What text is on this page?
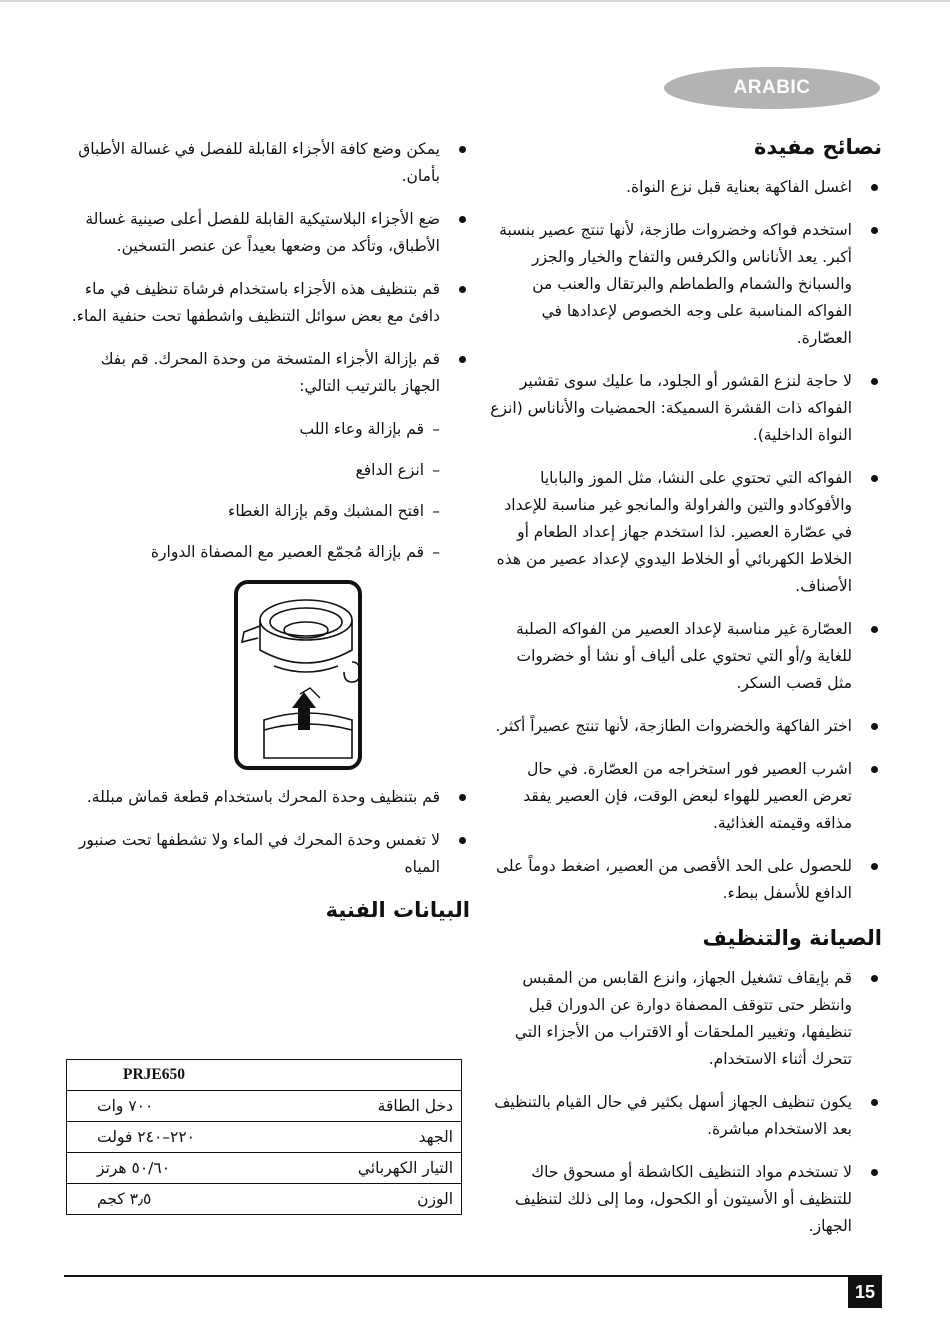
ARABIC
نصائح مفيدة
اغسل الفاكهة بعناية قبل نزع النواة.
استخدم فواكه وخضروات طازجة، لأنها تنتج عصير بنسبة أكبر. يعد الأناناس والكرفس والتفاح والخيار والجزر والسبانخ والشمام والطماطم والبرتقال والعنب من الفواكه المناسبة على وجه الخصوص لإعدادها في العصّارة.
لا حاجة لنزع القشور أو الجلود، ما عليك سوى تقشير الفواكه ذات القشرة السميكة: الحمضيات والأناناس (انزع النواة الداخلية).
الفواكه التي تحتوي على النشا، مثل الموز والبابايا والأفوكادو والتين والفراولة والمانجو غير مناسبة للإعداد في عصّارة العصير. لذا استخدم جهاز إعداد الطعام أو الخلاط الكهربائي أو الخلاط اليدوي لإعداد عصير من هذه الأصناف.
العصّارة غير مناسبة لإعداد العصير من الفواكه الصلبة للغاية و/أو التي تحتوي على ألياف أو نشا أو خضروات مثل قصب السكر.
اختر الفاكهة والخضروات الطازجة، لأنها تنتج عصيراً أكثر.
اشرب العصير فور استخراجه من العصّارة. في حال تعرض العصير للهواء لبعض الوقت، فإن العصير يفقد مذاقه وقيمته الغذائية.
للحصول على الحد الأقصى من العصير، اضغط دوماً على الدافع للأسفل ببطء.
الصيانة والتنظيف
قم بإيقاف تشغيل الجهاز، وانزع القابس من المقبس وانتظر حتى تتوقف المصفاة دوارة عن الدوران قبل تنظيفها، وتغيير الملحقات أو الاقتراب من الأجزاء التي تتحرك أثناء الاستخدام.
يكون تنظيف الجهاز أسهل بكثير في حال القيام بالتنظيف بعد الاستخدام مباشرة.
لا تستخدم مواد التنظيف الكاشطة أو مسحوق حاك للتنظيف أو الأسيتون أو الكحول، وما إلى ذلك لتنظيف الجهاز.
يمكن وضع كافة الأجزاء القابلة للفصل في غسالة الأطباق بأمان.
ضع الأجزاء البلاستيكية القابلة للفصل أعلى صينية غسالة الأطباق، وتأكد من وضعها بعيداً عن عنصر التسخين.
قم بتنظيف هذه الأجزاء باستخدام فرشاة تنظيف في ماء دافئ مع بعض سوائل التنظيف واشطفها تحت حنفية الماء.
قم بإزالة الأجزاء المتسخة من وحدة المحرك. قم بفك الجهاز بالترتيب التالي:
– قم بإزالة وعاء اللب
– انزع الدافع
– افتح المشبك وقم بإزالة الغطاء
– قم بإزالة مُجمّع العصير مع المصفاة الدوارة
قم بتنظيف وحدة المحرك باستخدام قطعة قماش مبللة.
لا تغمس وحدة المحرك في الماء ولا تشطفها تحت صنبور المياه
البيانات الفنية
	PRJE650
دخل الطاقة	٧٠٠ وات
الجهد	٢٢٠–٢٤٠ فولت
التيار الكهربائي	٥٠/٦٠ هرتز
الوزن	٣٫٥ كجم
15
